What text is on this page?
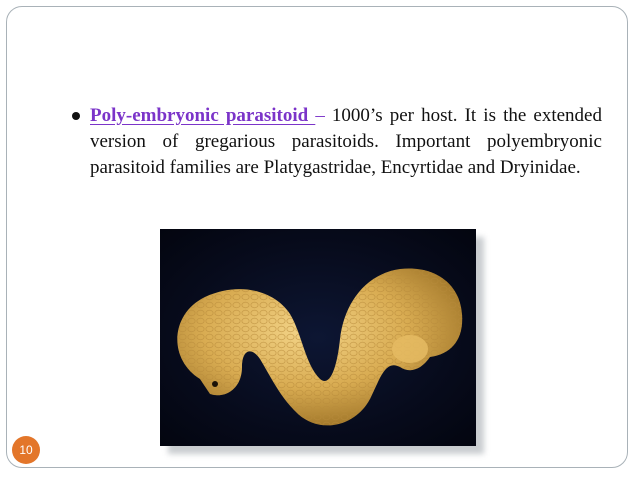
Poly-embryonic parasitoid – 1000’s per host. It is the extended version of gregarious parasitoids. Important polyembryonic parasitoid families are Platygastridae, Encyrtidae and Dryinidae.
10
